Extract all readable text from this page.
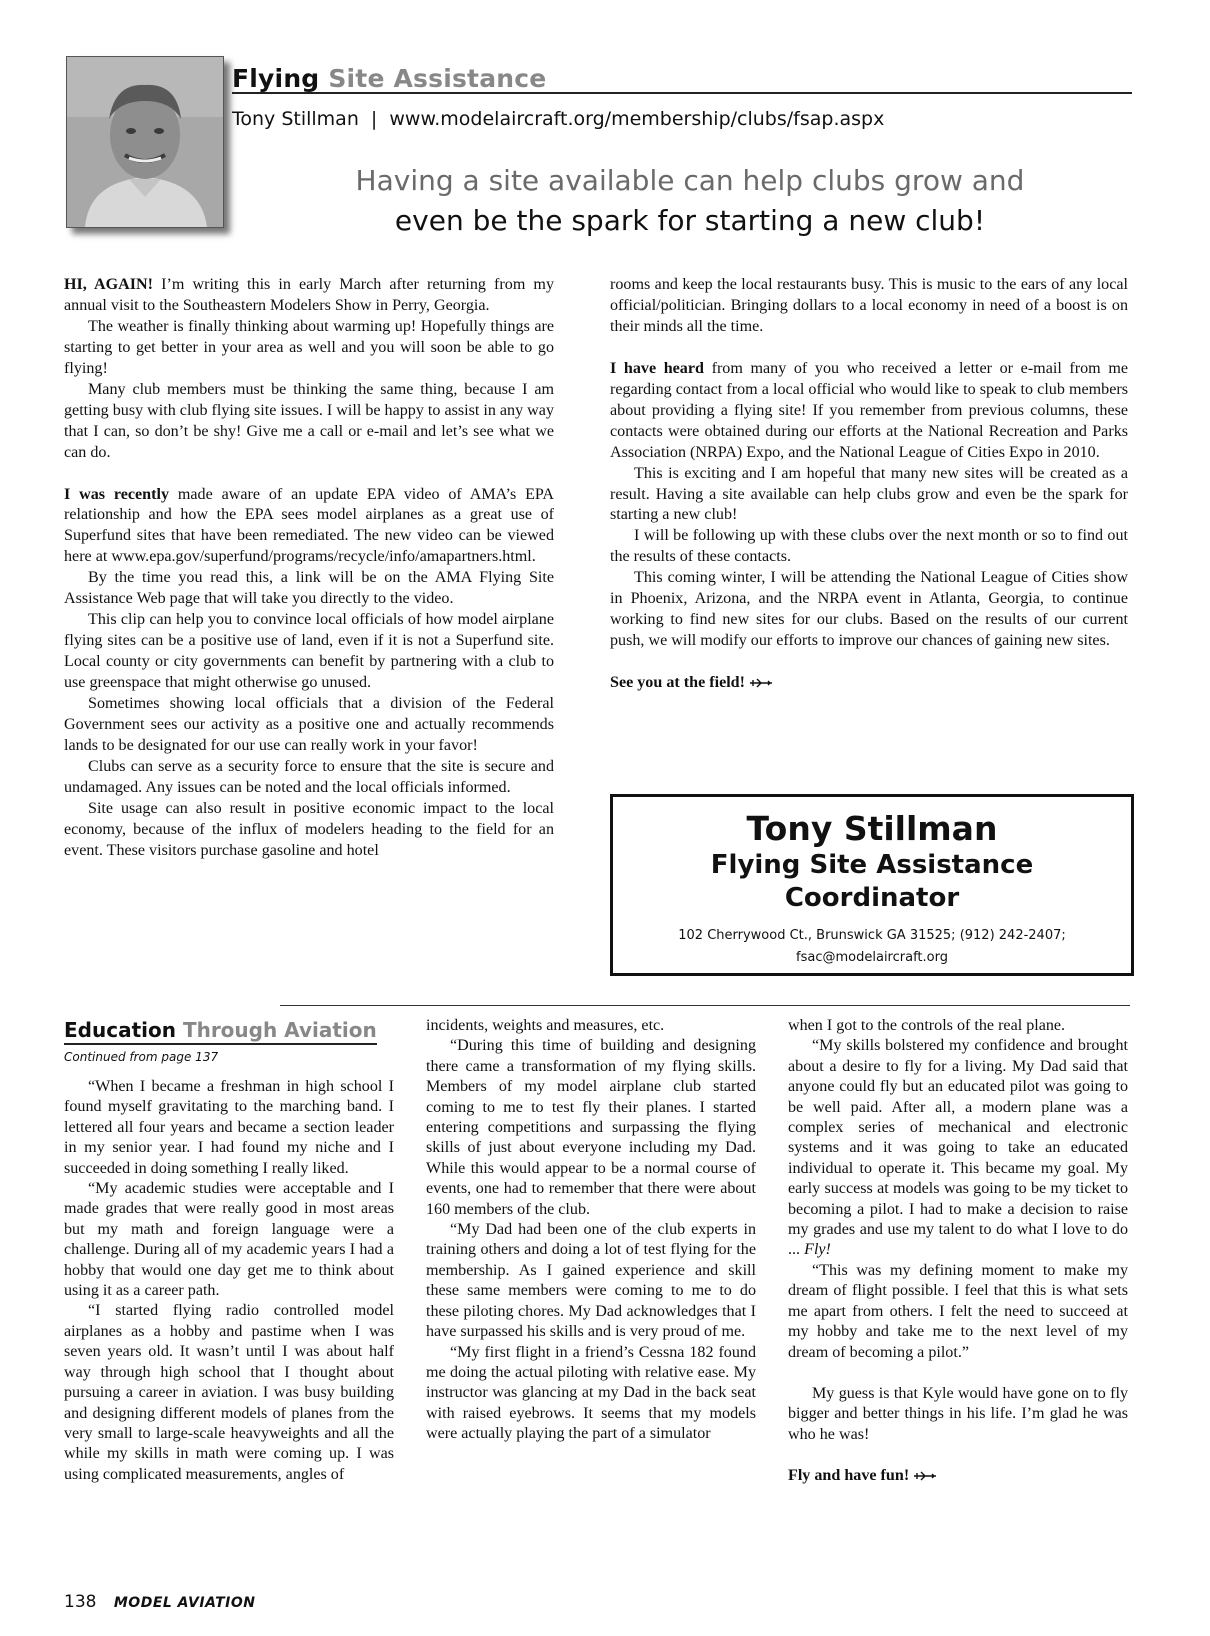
Flying Site Assistance
Tony Stillman | www.modelaircraft.org/membership/clubs/fsap.aspx
Having a site available can help clubs grow and
even be the spark for starting a new club!

HI, AGAIN! I’m writing this in early March after returning from my annual visit to the Southeastern Modelers Show in Perry, Georgia.

The weather is finally thinking about warming up! Hopefully things are starting to get better in your area as well and you will soon be able to go flying!

Many club members must be thinking the same thing, because I am getting busy with club flying site issues. I will be happy to assist in any way that I can, so don’t be shy! Give me a call or e-mail and let’s see what we can do.

I was recently made aware of an update EPA video of AMA’s EPA relationship and how the EPA sees model airplanes as a great use of Superfund sites that have been remediated. The new video can be viewed here at www.epa.gov/superfund/programs/recycle/info/amapartners.html.

By the time you read this, a link will be on the AMA Flying Site Assistance Web page that will take you directly to the video.

This clip can help you to convince local officials of how model airplane flying sites can be a positive use of land, even if it is not a Superfund site. Local county or city governments can benefit by partnering with a club to use greenspace that might otherwise go unused.

Sometimes showing local officials that a division of the Federal Government sees our activity as a positive one and actually recommends lands to be designated for our use can really work in your favor!

Clubs can serve as a security force to ensure that the site is secure and undamaged. Any issues can be noted and the local officials informed.

Site usage can also result in positive economic impact to the local economy, because of the influx of modelers heading to the field for an event. These visitors purchase gasoline and hotel

rooms and keep the local restaurants busy. This is music to the ears of any local official/politician. Bringing dollars to a local economy in need of a boost is on their minds all the time.

I have heard from many of you who received a letter or e-mail from me regarding contact from a local official who would like to speak to club members about providing a flying site! If you remember from previous columns, these contacts were obtained during our efforts at the National Recreation and Parks Association (NRPA) Expo, and the National League of Cities Expo in 2010.

This is exciting and I am hopeful that many new sites will be created as a result. Having a site available can help clubs grow and even be the spark for starting a new club!

I will be following up with these clubs over the next month or so to find out the results of these contacts.

This coming winter, I will be attending the National League of Cities show in Phoenix, Arizona, and the NRPA event in Atlanta, Georgia, to continue working to find new sites for our clubs. Based on the results of our current push, we will modify our efforts to improve our chances of gaining new sites.

See you at the field!

Tony Stillman
Flying Site Assistance
Coordinator
102 Cherrywood Ct., Brunswick GA 31525; (912) 242-2407;
fsac@modelaircraft.org
Education Through Aviation
Continued from page 137

“When I became a freshman in high school I found myself gravitating to the marching band. I lettered all four years and became a section leader in my senior year. I had found my niche and I succeeded in doing something I really liked.

“My academic studies were acceptable and I made grades that were really good in most areas but my math and foreign language were a challenge. During all of my academic years I had a hobby that would one day get me to think about using it as a career path.

“I started flying radio controlled model airplanes as a hobby and pastime when I was seven years old. It wasn’t until I was about half way through high school that I thought about pursuing a career in aviation. I was busy building and designing different models of planes from the very small to large-scale heavyweights and all the while my skills in math were coming up. I was using complicated measurements, angles of

incidents, weights and measures, etc.

“During this time of building and designing there came a transformation of my flying skills. Members of my model airplane club started coming to me to test fly their planes. I started entering competitions and surpassing the flying skills of just about everyone including my Dad. While this would appear to be a normal course of events, one had to remember that there were about 160 members of the club.

“My Dad had been one of the club experts in training others and doing a lot of test flying for the membership. As I gained experience and skill these same members were coming to me to do these piloting chores. My Dad acknowledges that I have surpassed his skills and is very proud of me.

“My first flight in a friend’s Cessna 182 found me doing the actual piloting with relative ease. My instructor was glancing at my Dad in the back seat with raised eyebrows. It seems that my models were actually playing the part of a simulator

when I got to the controls of the real plane.

“My skills bolstered my confidence and brought about a desire to fly for a living. My Dad said that anyone could fly but an educated pilot was going to be well paid. After all, a modern plane was a complex series of mechanical and electronic systems and it was going to take an educated individual to operate it. This became my goal. My early success at models was going to be my ticket to becoming a pilot. I had to make a decision to raise my grades and use my talent to do what I love to do ... Fly!

“This was my defining moment to make my dream of flight possible. I feel that this is what sets me apart from others. I felt the need to succeed at my hobby and take me to the next level of my dream of becoming a pilot.”

My guess is that Kyle would have gone on to fly bigger and better things in his life. I’m glad he was who he was!

Fly and have fun!

138 MODEL AVIATION
